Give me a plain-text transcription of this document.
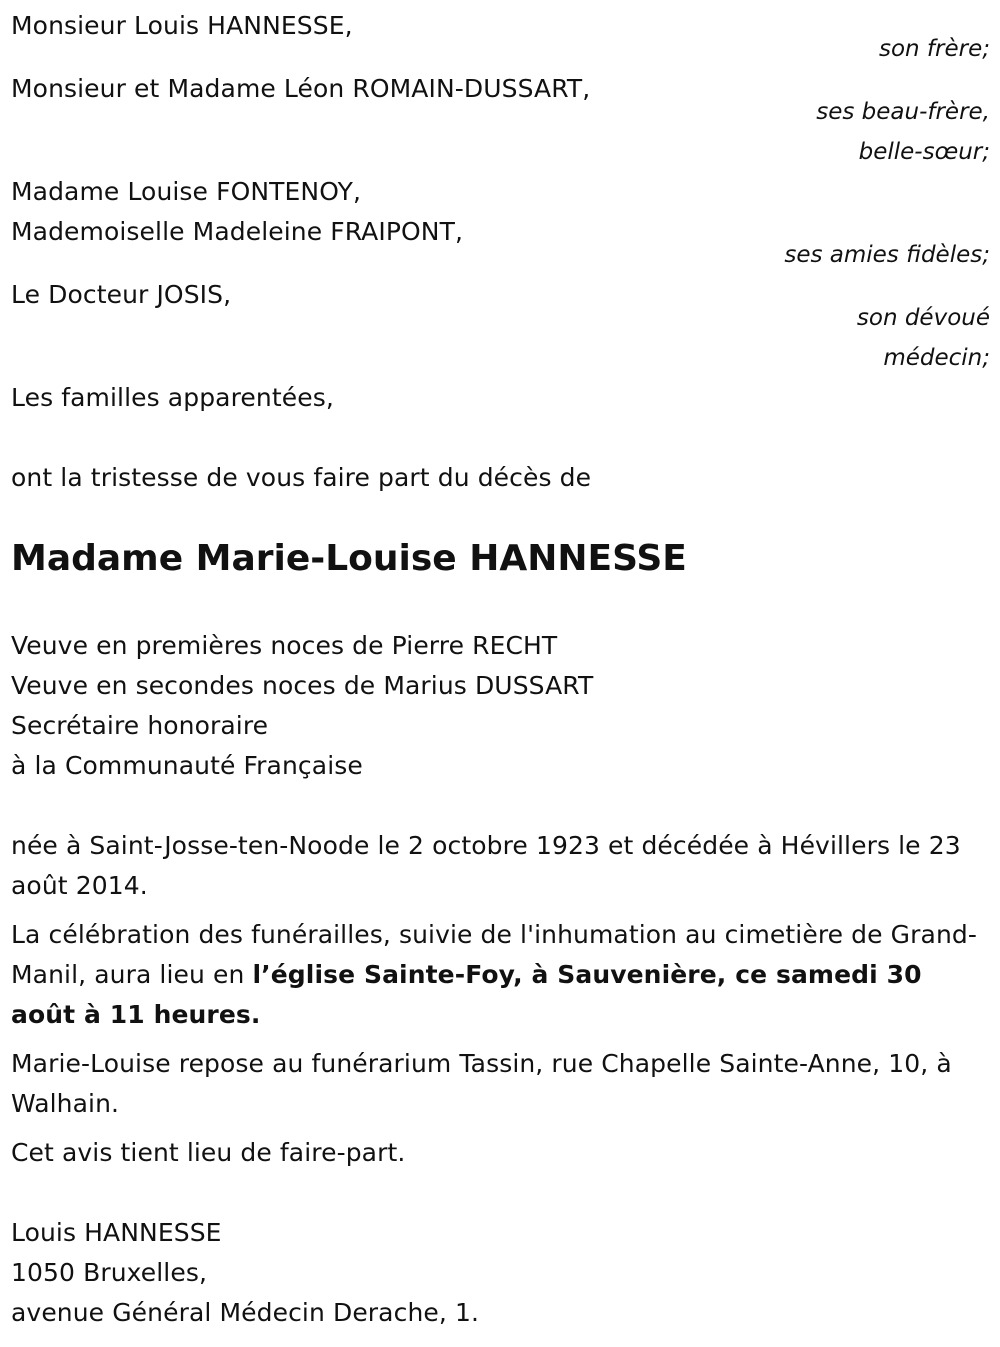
Monsieur Louis HANNESSE,
son frère;
Monsieur et Madame Léon ROMAIN-DUSSART,
ses beau-frère,
belle-sœur;
Madame Louise FONTENOY,
Mademoiselle Madeleine FRAIPONT,
ses amies fidèles;
Le Docteur JOSIS,
son dévoué
médecin;
Les familles apparentées,
ont la tristesse de vous faire part du décès de
Madame Marie-Louise HANNESSE
Veuve en premières noces de Pierre RECHT
Veuve en secondes noces de Marius DUSSART
Secrétaire honoraire
à la Communauté Française
née à Saint-Josse-ten-Noode le 2 octobre 1923 et décédée à Hévillers le 23 août 2014.
La célébration des funérailles, suivie de l'inhumation au cimetière de Grand-Manil, aura lieu en l’église Sainte-Foy, à Sauvenière, ce samedi 30 août à 11 heures.
Marie-Louise repose au funérarium Tassin, rue Chapelle Sainte-Anne, 10, à Walhain.
Cet avis tient lieu de faire-part.
Louis HANNESSE
1050 Bruxelles,
avenue Général Médecin Derache, 1.
